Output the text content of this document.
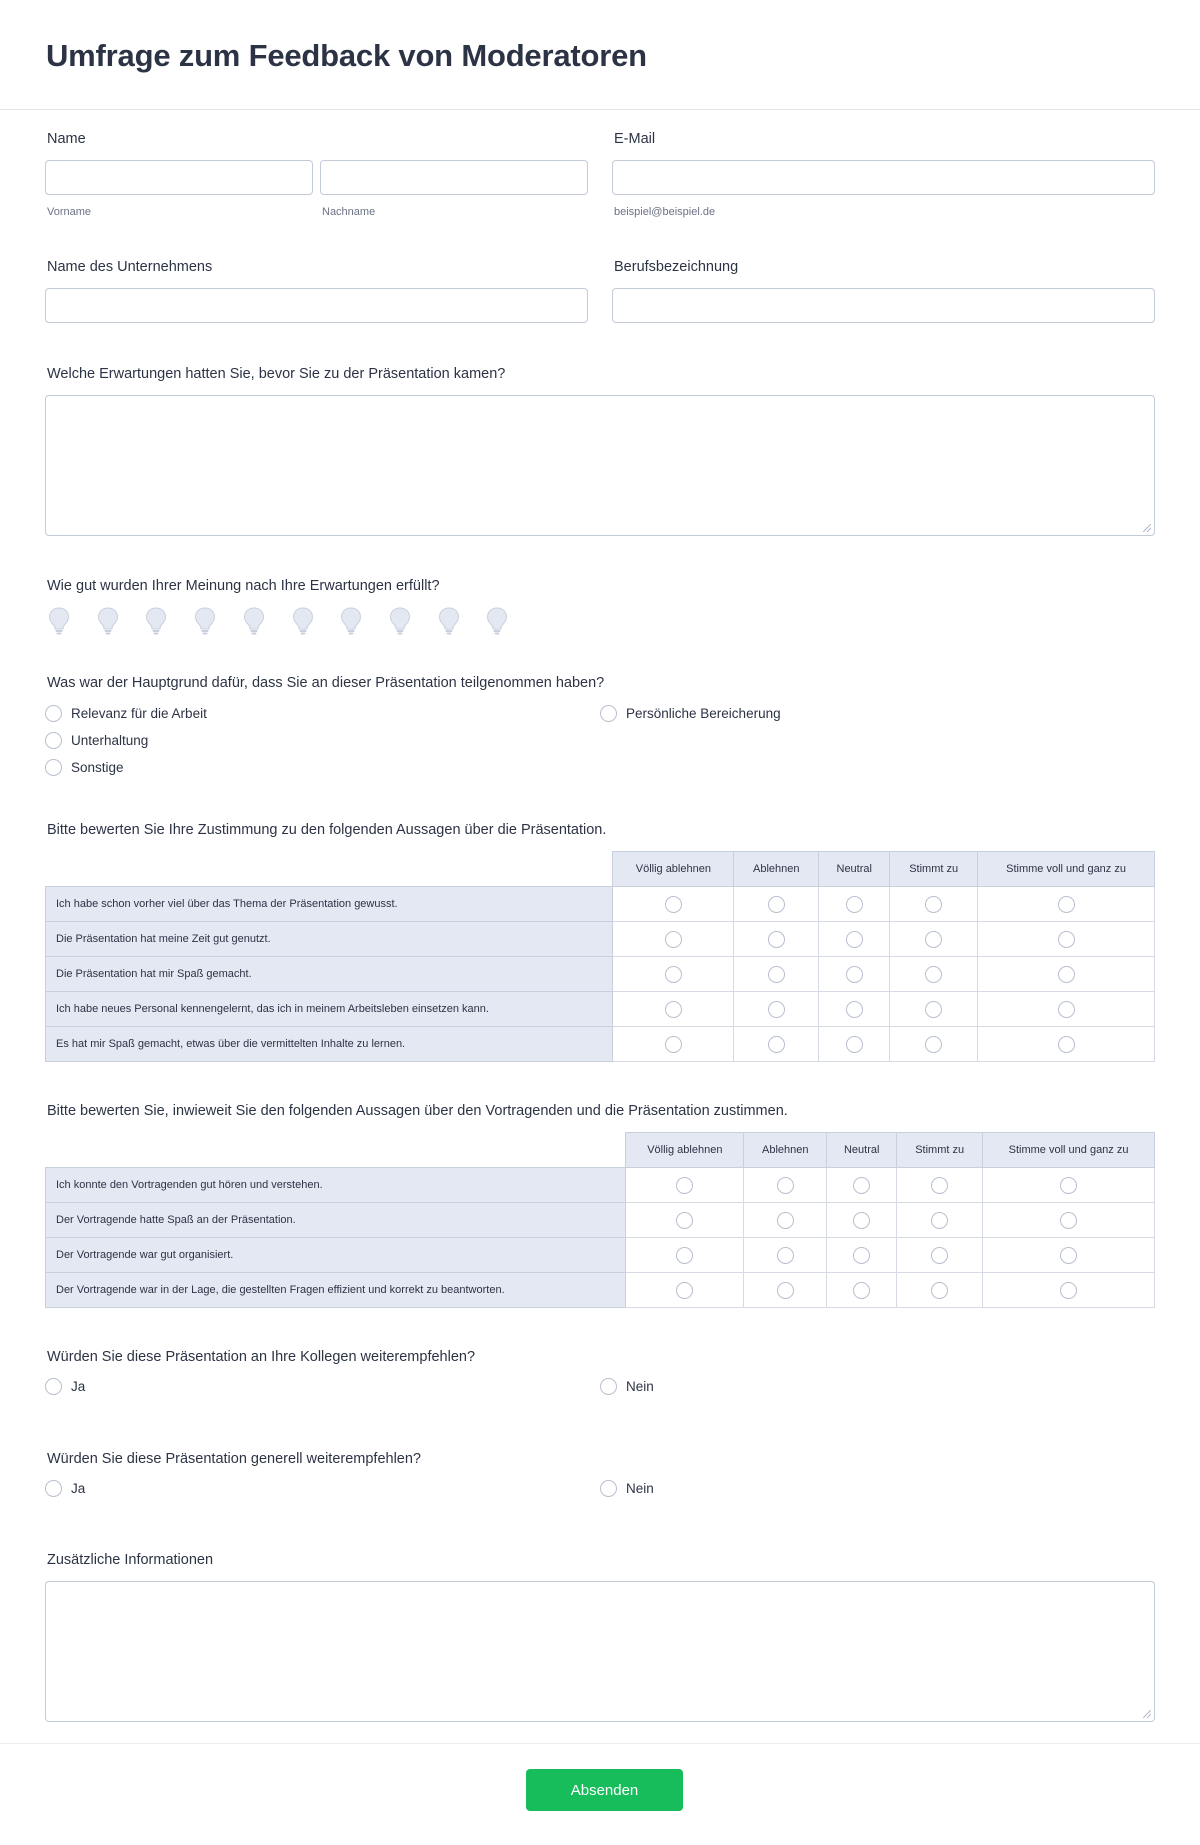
Umfrage zum Feedback von Moderatoren
Name
Vorname	Nachname
E-Mail
beispiel@beispiel.de
Name des Unternehmens	Berufsbezeichnung
Welche Erwartungen hatten Sie, bevor Sie zu der Präsentation kamen?
Wie gut wurden Ihrer Meinung nach Ihre Erwartungen erfüllt?
Was war der Hauptgrund dafür, dass Sie an dieser Präsentation teilgenommen haben?
Relevanz für die Arbeit	Persönliche Bereicherung
Unterhaltung
Sonstige
Bitte bewerten Sie Ihre Zustimmung zu den folgenden Aussagen über die Präsentation.
	Völlig ablehnen	Ablehnen	Neutral	Stimmt zu	Stimme voll und ganz zu
Ich habe schon vorher viel über das Thema der Präsentation gewusst.					
Die Präsentation hat meine Zeit gut genutzt.					
Die Präsentation hat mir Spaß gemacht.					
Ich habe neues Personal kennengelernt, das ich in meinem Arbeitsleben einsetzen kann.					
Es hat mir Spaß gemacht, etwas über die vermittelten Inhalte zu lernen.					
Bitte bewerten Sie, inwieweit Sie den folgenden Aussagen über den Vortragenden und die Präsentation zustimmen.
	Völlig ablehnen	Ablehnen	Neutral	Stimmt zu	Stimme voll und ganz zu
Ich konnte den Vortragenden gut hören und verstehen.					
Der Vortragende hatte Spaß an der Präsentation.					
Der Vortragende war gut organisiert.					
Der Vortragende war in der Lage, die gestellten Fragen effizient und korrekt zu beantworten.					
Würden Sie diese Präsentation an Ihre Kollegen weiterempfehlen?
Ja	Nein
Würden Sie diese Präsentation generell weiterempfehlen?
Ja	Nein
Zusätzliche Informationen
Absenden
